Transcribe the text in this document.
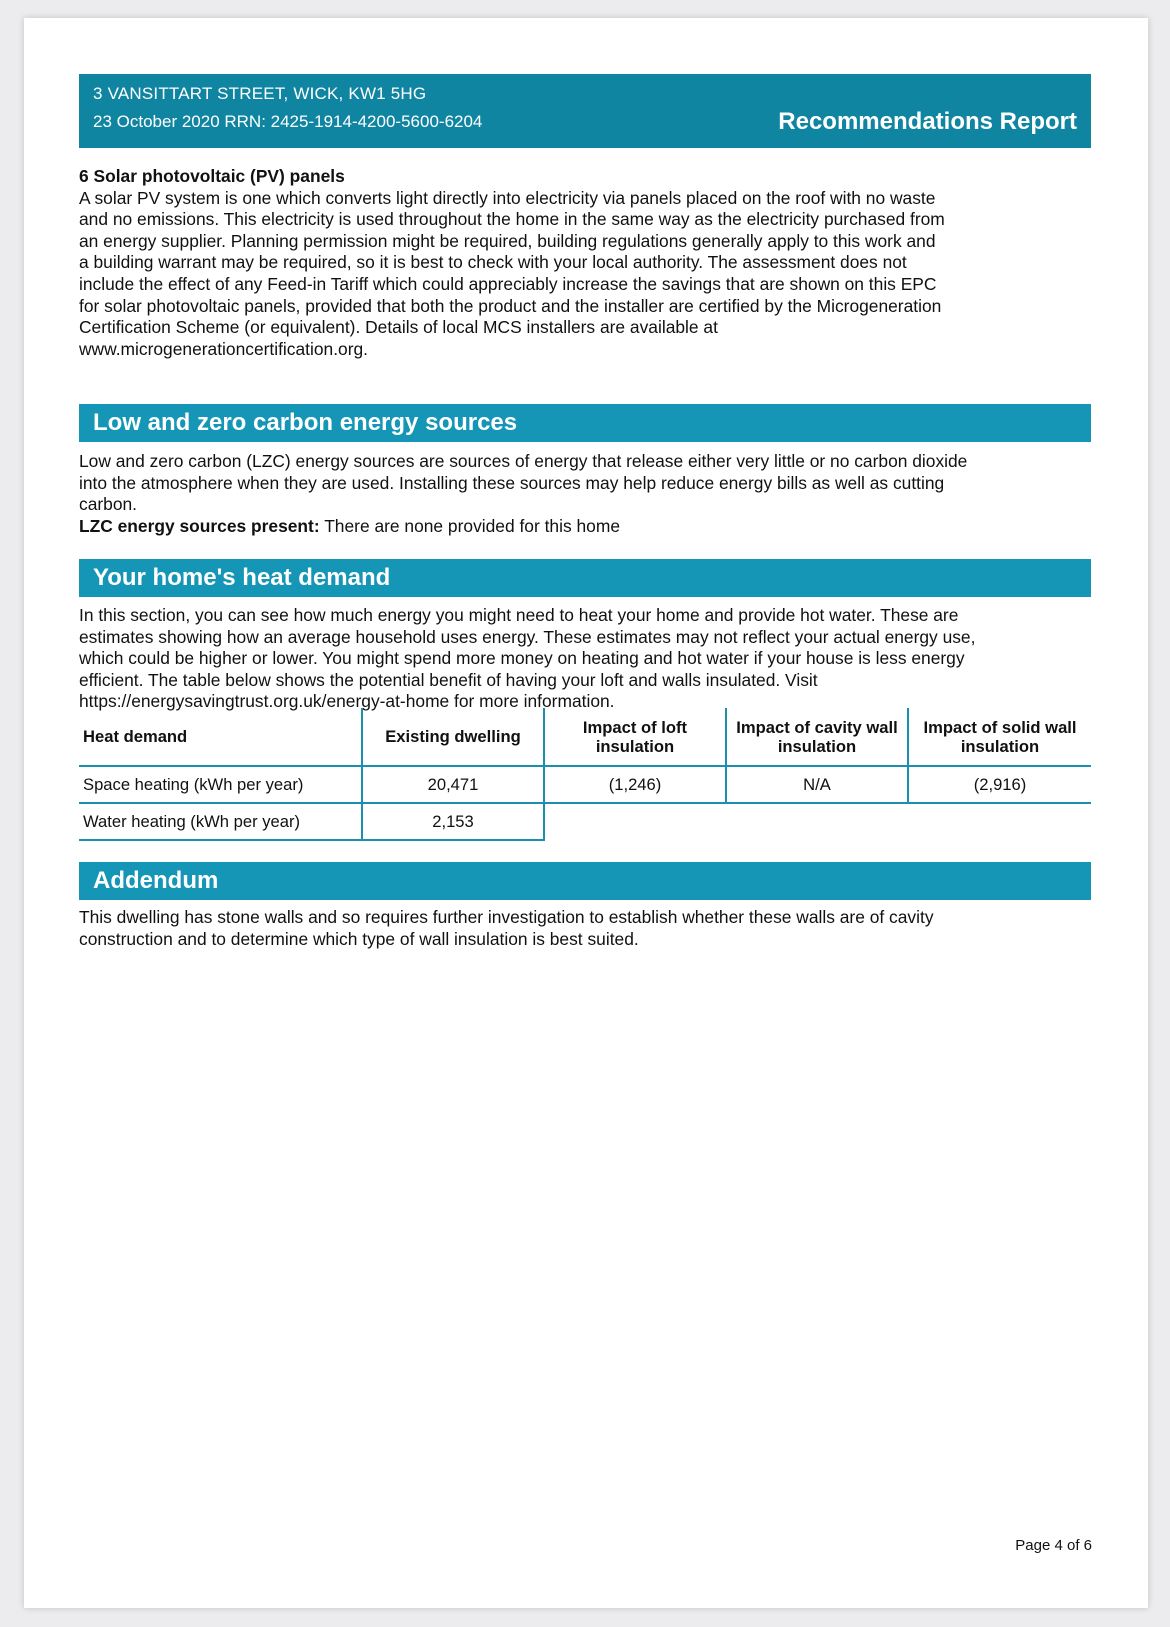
3 VANSITTART STREET, WICK, KW1 5HG
23 October 2020 RRN: 2425-1914-4200-5600-6204	Recommendations Report
6 Solar photovoltaic (PV) panels

A solar PV system is one which converts light directly into electricity via panels placed on the roof with no waste

and no emissions. This electricity is used throughout the home in the same way as the electricity purchased from

an energy supplier. Planning permission might be required, building regulations generally apply to this work and

a building warrant may be required, so it is best to check with your local authority. The assessment does not

include the effect of any Feed-in Tariff which could appreciably increase the savings that are shown on this EPC

for solar photovoltaic panels, provided that both the product and the installer are certified by the Microgeneration

Certification Scheme (or equivalent). Details of local MCS installers are available at

www.microgenerationcertification.org.

Low and zero carbon energy sources

Low and zero carbon (LZC) energy sources are sources of energy that release either very little or no carbon dioxide

into the atmosphere when they are used. Installing these sources may help reduce energy bills as well as cutting

carbon.

LZC energy sources present: There are none provided for this home

Your home's heat demand

In this section, you can see how much energy you might need to heat your home and provide hot water. These are

estimates showing how an average household uses energy. These estimates may not reflect your actual energy use,

which could be higher or lower. You might spend more money on heating and hot water if your house is less energy

efficient. The table below shows the potential benefit of having your loft and walls insulated. Visit

https://energysavingtrust.org.uk/energy-at-home for more information.

Heat demand	Existing dwelling	Impact of loft insulation	Impact of cavity wall insulation	Impact of solid wall insulation
Space heating (kWh per year)	20,471	(1,246)	N/A	(2,916)
Water heating (kWh per year)	2,153			
Addendum

This dwelling has stone walls and so requires further investigation to establish whether these walls are of cavity

construction and to determine which type of wall insulation is best suited.

Page 4 of 6
